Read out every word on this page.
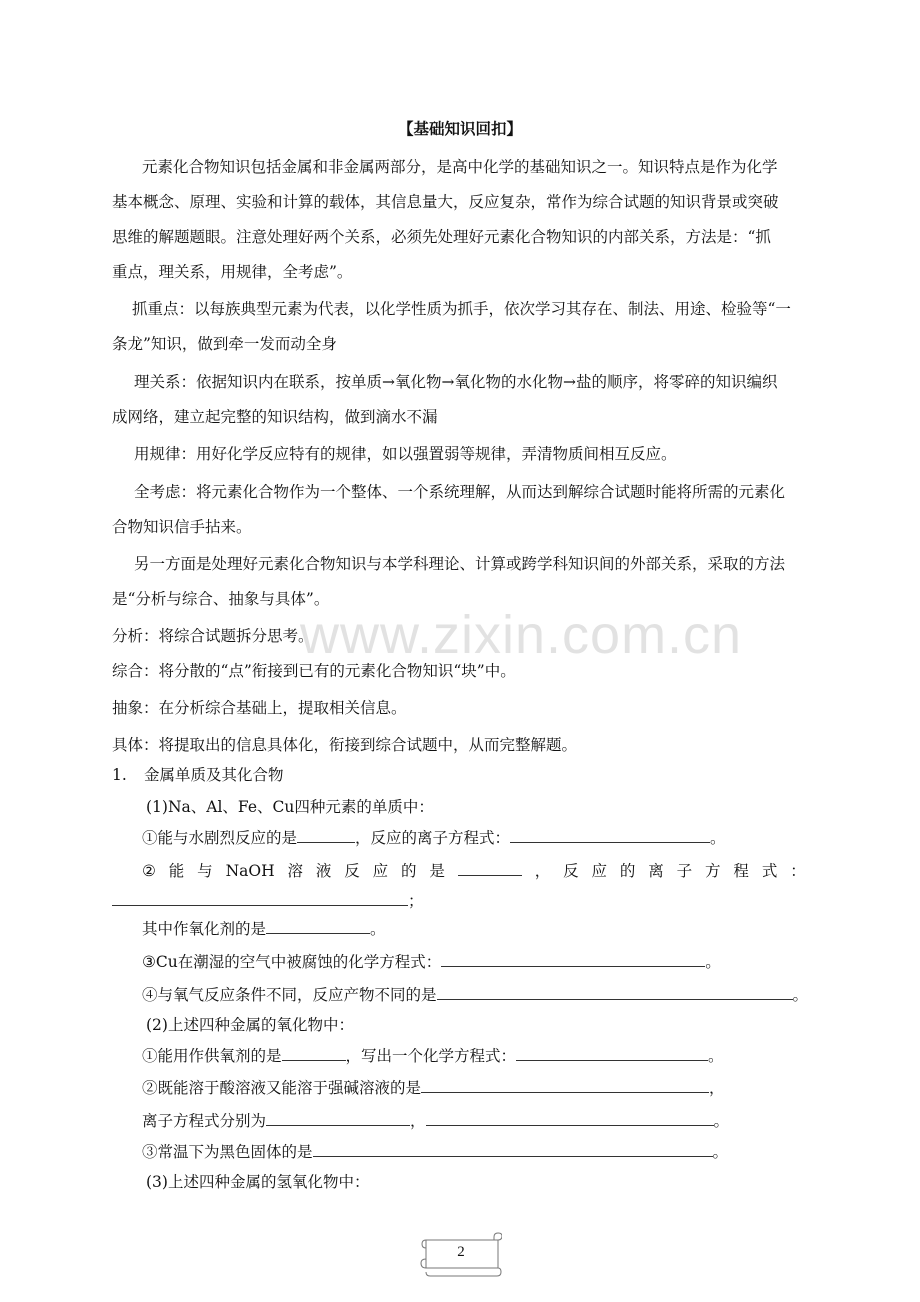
【基础知识回扣】
元素化合物知识包括金属和非金属两部分，是高中化学的基础知识之一。知识特点是作为化学
基本概念、原理、实验和计算的载体，其信息量大，反应复杂，常作为综合试题的知识背景或突破
思维的解题题眼。注意处理好两个关系，必须先处理好元素化合物知识的内部关系，方法是：“抓
重点，理关系，用规律，全考虑”。
抓重点：以每族典型元素为代表，以化学性质为抓手，依次学习其存在、制法、用途、检验等“一
条龙”知识，做到牵一发而动全身
理关系：依据知识内在联系，按单质→氧化物→氧化物的水化物→盐的顺序，将零碎的知识编织
成网络，建立起完整的知识结构，做到滴水不漏
用规律：用好化学反应特有的规律，如以强置弱等规律，弄清物质间相互反应。
全考虑：将元素化合物作为一个整体、一个系统理解，从而达到解综合试题时能将所需的元素化
合物知识信手拈来。
另一方面是处理好元素化合物知识与本学科理论、计算或跨学科知识间的外部关系，采取的方法
是“分析与综合、抽象与具体”。
分析：将综合试题拆分思考。
综合：将分散的“点”衔接到已有的元素化合物知识“块”中。
抽象：在分析综合基础上，提取相关信息。
具体：将提取出的信息具体化，衔接到综合试题中，从而完整解题。
1. 金属单质及其化合物
(1)Na、Al、Fe、Cu四种元素的单质中：
①能与水剧烈反应的是	，反应的离子方程式：	。
② 能 与 NaOH 溶 液 反 应 的 是	， 反 应 的 离 子 方 程 式 ：
；
其中作氧化剂的是	。
③Cu在潮湿的空气中被腐蚀的化学方程式：	。
④与氧气反应条件不同，反应产物不同的是	。
(2)上述四种金属的氧化物中：
①能用作供氧剂的是	，写出一个化学方程式：	。
②既能溶于酸溶液又能溶于强碱溶液的是	，
离子方程式分别为	，	。
③常温下为黑色固体的是	。
(3)上述四种金属的氢氧化物中：
www.zixin.com.cn
2
